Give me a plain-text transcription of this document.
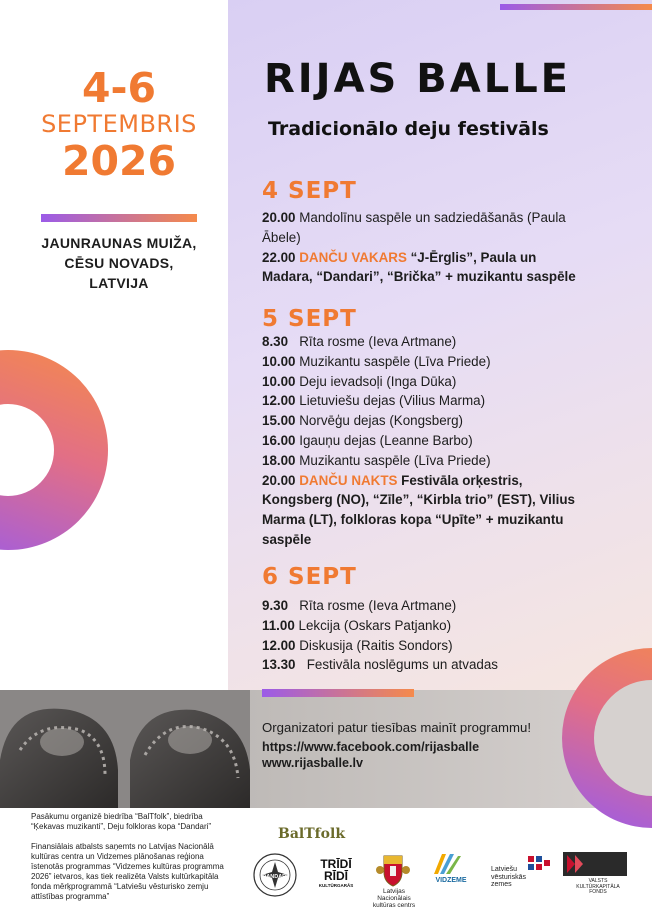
4-6
SEPTEMBRIS
2026
JAUNRAUNAS MUIŽA,
CĒSU NOVADS,
LATVIJA
RIJAS BALLE
Tradicionālo deju festivāls
4 SEPT

20.00 Mandolīnu saspēle un sadziedāšanās (Paula

Ābele)

22.00 DANČU VAKARS “J-Ērglis”, Paula un

Madara, “Dandari”, “Brička” + muzikantu saspēle

5 SEPT

8.30 Rīta rosme (Ieva Artmane)

10.00 Muzikantu saspēle (Līva Priede)

10.00 Deju ievadsoļi (Inga Dūka)

12.00 Lietuviešu dejas (Vilius Marma)

15.00 Norvēģu dejas (Kongsberg)

16.00 Igauņu dejas (Leanne Barbo)

18.00 Muzikantu saspēle (Līva Priede)

20.00 DANČU NAKTS Festivāla orķestris,

Kongsberg (NO), “Zīle”, “Kirbla trio” (EST), Vilius

Marma (LT), folkloras kopa “Upīte” + muzikantu

saspēle

6 SEPT

9.30 Rīta rosme (Ieva Artmane)

11.00 Lekcija (Oskars Patjanko)

12.00 Diskusija (Raitis Sondors)

13.30 Festivāla noslēgums un atvadas

Organizatori patur tiesības mainīt programmu!
https://www.facebook.com/rijasballe
www.rijasballe.lv
Pasākumu organizē biedrība “BalTfolk”, biedrība “Ķekavas muzikanti”, Deju folkloras kopa “Dandari”
Finansiālais atbalsts saņemts no Latvijas Nacionālā kultūras centra un Vidzemes plānošanas reģiona īstenotās programmas “Vidzemes kultūras programma 2026” ietvaros, kas tiek realizēta Valsts kultūrkapitāla fonda mērķprogrammā “Latviešu vēsturisko zemju attīstības programma”
BalTfolk
DANDARI
TRĪDĪ
RĪDĪ
KULTŪRGARĀS
Latvijas Nacionālais
kultūras centrs
VIDZEME
Latviešu
vēsturiskās
zemes	VALSTS KULTŪRKAPITĀLA FONDS
